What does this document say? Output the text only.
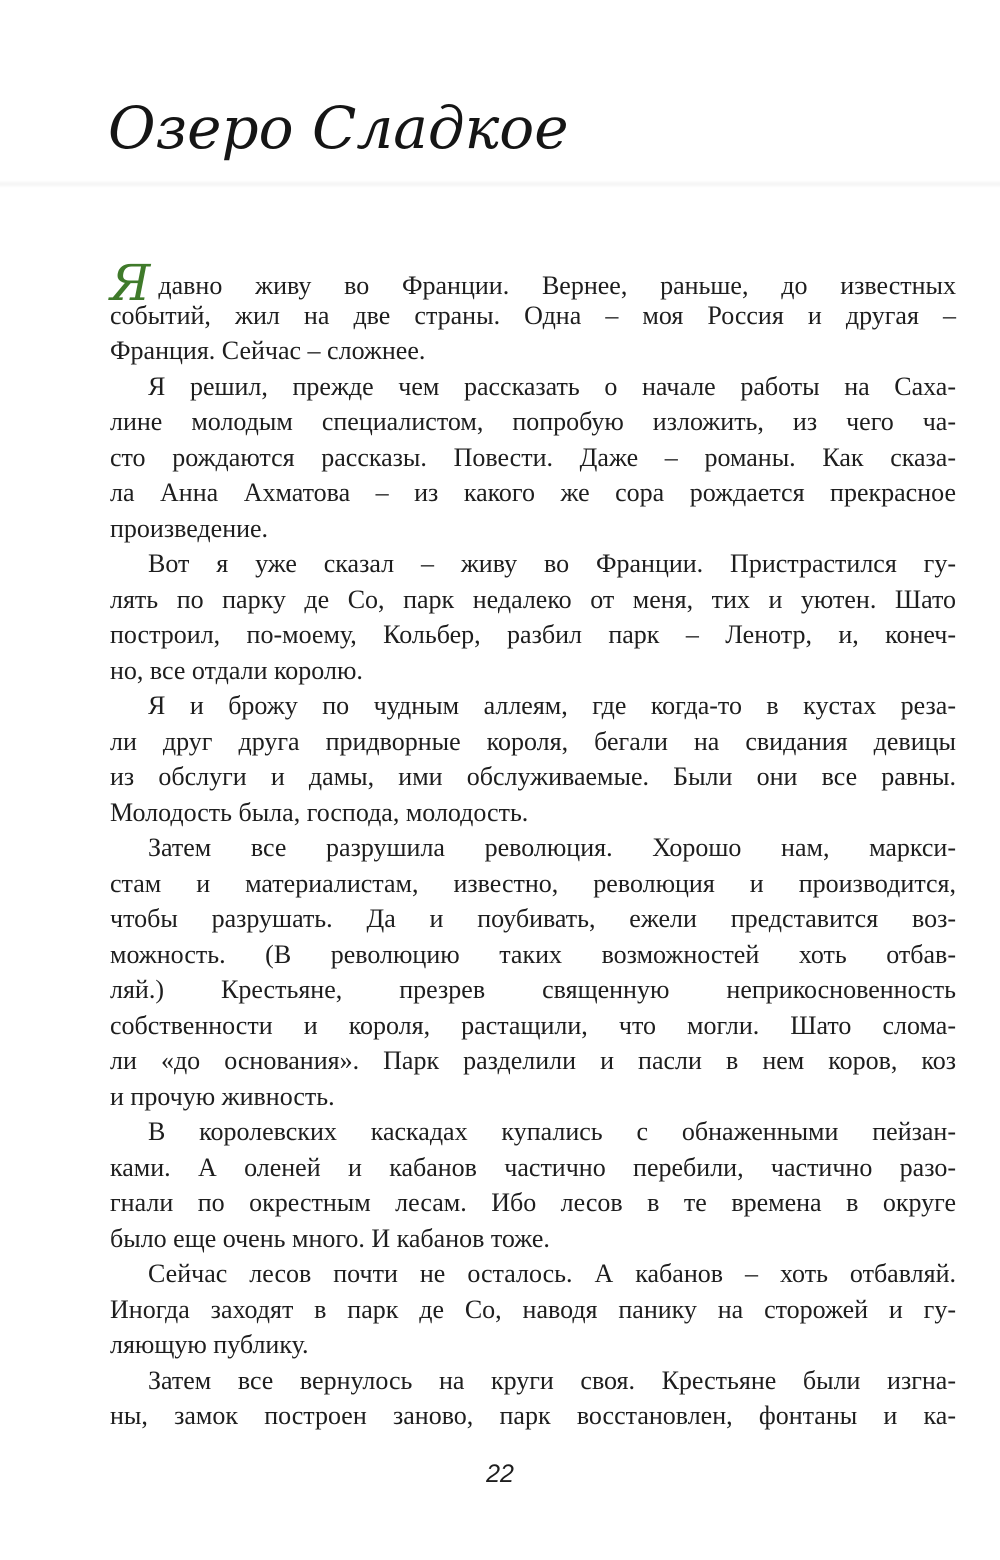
Озеро Сладкое
Ядавно живу во Франции. Вернее, раньше, до известных
событий, жил на две страны. Одна – моя Россия и другая –
Франция. Сейчас – сложнее.
Я решил, прежде чем рассказать о начале работы на Саха-
лине молодым специалистом, попробую изложить, из чего ча-
сто рождаются рассказы. Повести. Даже – романы. Как сказа-
ла Анна Ахматова – из какого же сора рождается прекрасное
произведение.
Вот я уже сказал – живу во Франции. Пристрастился гу-
лять по парку де Со, парк недалеко от меня, тих и уютен. Шато
построил, по-моему, Кольбер, разбил парк – Ленотр, и, конеч-
но, все отдали королю.
Я и брожу по чудным аллеям, где когда-то в кустах реза-
ли друг друга придворные короля, бегали на свидания девицы
из обслуги и дамы, ими обслуживаемые. Были они все равны.
Молодость была, господа, молодость.
Затем все разрушила революция. Хорошо нам, маркси-
стам и материалистам, известно, революция и производится,
чтобы разрушать. Да и поубивать, ежели представится воз-
можность. (В революцию таких возможностей хоть отбав-
ляй.) Крестьяне, презрев священную неприкосновенность
собственности и короля, растащили, что могли. Шато слома-
ли «до основания». Парк разделили и пасли в нем коров, коз
и прочую живность.
В королевских каскадах купались с обнаженными пейзан-
ками. А оленей и кабанов частично перебили, частично разо-
гнали по окрестным лесам. Ибо лесов в те времена в округе
было еще очень много. И кабанов тоже.
Сейчас лесов почти не осталось. А кабанов – хоть отбавляй.
Иногда заходят в парк де Со, наводя панику на сторожей и гу-
ляющую публику.
Затем все вернулось на круги своя. Крестьяне были изгна-
ны, замок построен заново, парк восстановлен, фонтаны и ка-
22
